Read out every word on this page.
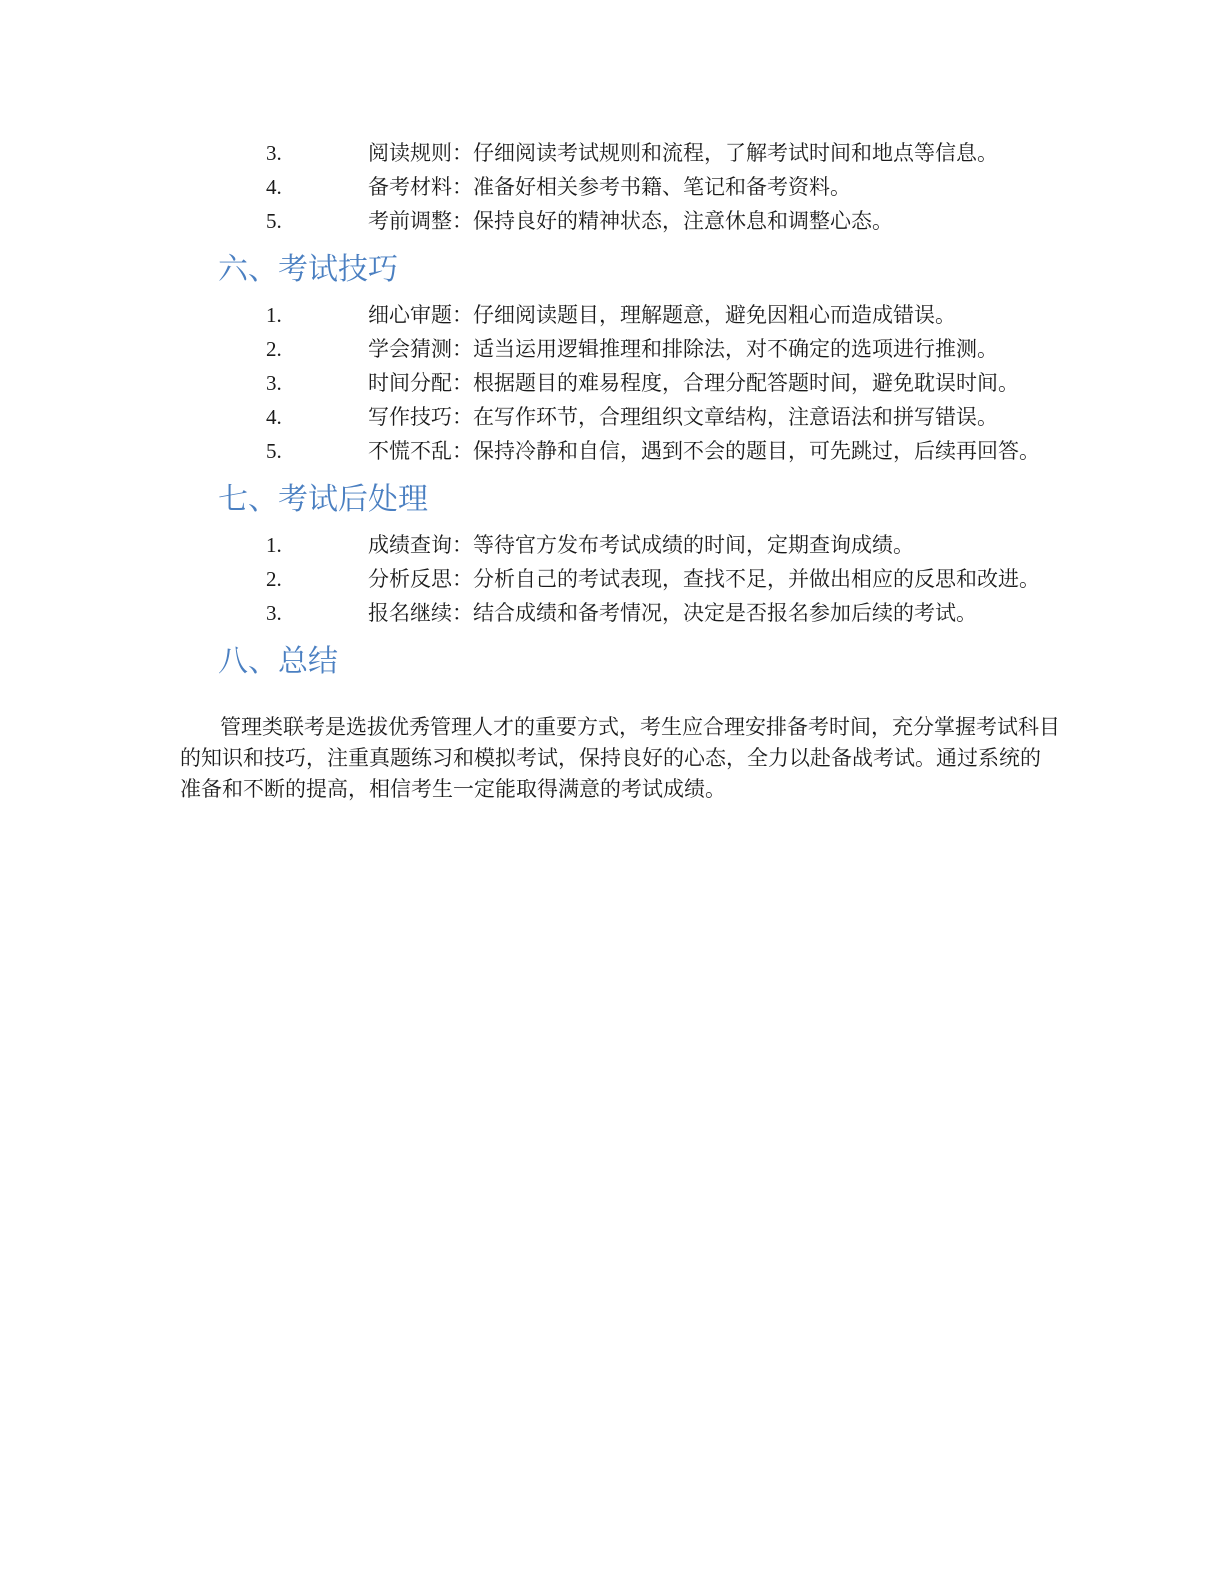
3.	阅读规则：仔细阅读考试规则和流程，了解考试时间和地点等信息。
4.	备考材料：准备好相关参考书籍、笔记和备考资料。
5.	考前调整：保持良好的精神状态，注意休息和调整心态。
六、考试技巧
1.	细心审题：仔细阅读题目，理解题意，避免因粗心而造成错误。
2.	学会猜测：适当运用逻辑推理和排除法，对不确定的选项进行推测。
3.	时间分配：根据题目的难易程度，合理分配答题时间，避免耽误时间。
4.	写作技巧：在写作环节，合理组织文章结构，注意语法和拼写错误。
5.	不慌不乱：保持冷静和自信，遇到不会的题目，可先跳过，后续再回答。
七、考试后处理
1.	成绩查询：等待官方发布考试成绩的时间，定期查询成绩。
2.	分析反思：分析自己的考试表现，查找不足，并做出相应的反思和改进。
3.	报名继续：结合成绩和备考情况，决定是否报名参加后续的考试。
八、总结

管理类联考是选拔优秀管理人才的重要方式，考生应合理安排备考时间，充分掌握考试科目的知识和技巧，注重真题练习和模拟考试，保持良好的心态，全力以赴备战考试。通过系统的准备和不断的提高，相信考生一定能取得满意的考试成绩。
